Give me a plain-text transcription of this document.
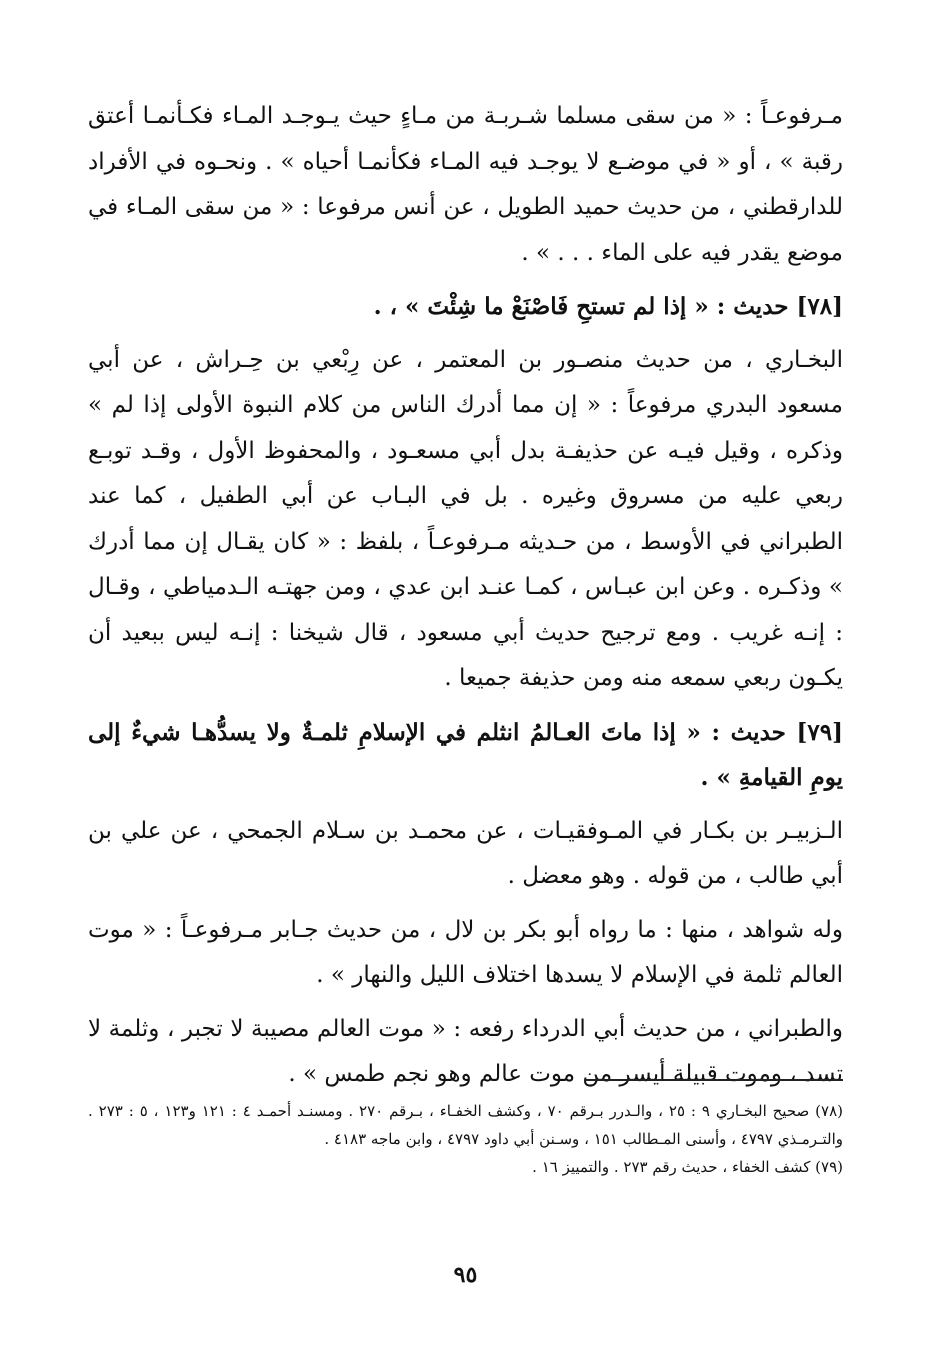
مـرفوعـاً : « من سقى مسلما شـربـة من مـاءٍ حيث يـوجـد المـاء فكـأنمـا أعتق رقبة » ، أو « في موضـع لا يوجـد فيه المـاء فكأنمـا أحياه » . ونحـوه في الأفراد للدارقطني ، من حديث حميد الطويل ، عن أنس مرفوعا : « من سقى المـاء في موضع يقدر فيه على الماء . . . » .

[٧٨] حديث : « إذا لم تستحِ فَاصْنَعْ ما شِئْتَ » ، .

البخـاري ، من حديث منصـور بن المعتمر ، عن رِبْعي بن حِـراش ، عن أبي مسعود البدري مرفوعاً : « إن مما أدرك الناس من كلام النبوة الأولى إذا لم » وذكره ، وقيل فيـه عن حذيفـة بدل أبي مسعـود ، والمحفوظ الأول ، وقـد توبـع ربعي عليه من مسروق وغيره . بل في البـاب عن أبي الطفيل ، كما عند الطبراني في الأوسط ، من حـديثه مـرفوعـاً ، بلفظ : « كان يقـال إن مما أدرك » وذكـره . وعن ابن عبـاس ، كمـا عنـد ابن عدي ، ومن جهتـه الـدمياطي ، وقـال : إنـه غريب . ومع ترجيح حديث أبي مسعود ، قال شيخنا : إنـه ليس ببعيد أن يكـون ربعي سمعه منه ومن حذيفة جميعا .

[٧٩] حديث : « إذا ماتَ العـالمُ انثلم في الإسلامِ ثلمـةٌ ولا يسدُّهـا شيءٌ إلى يومِ القيامةِ » .

الـزبيـر بن بكـار في المـوفقيـات ، عن محمـد بن سـلام الجمحي ، عن علي بن أبي طالب ، من قوله . وهو معضل .

وله شواهد ، منها : ما رواه أبو بكر بن لال ، من حديث جـابر مـرفوعـاً : « موت العالم ثلمة في الإسلام لا يسدها اختلاف الليل والنهار » .

والطبراني ، من حديث أبي الدرداء رفعه : « موت العالم مصيبة لا تجبر ، وثلمة لا تسد ، وموت قبيلة أيسر من موت عالم وهو نجم طمس » .

(٧٨) صحيح البخـاري ٩ : ٢٥ ، والـدرر بـرقم ٧٠ ، وكشف الخفـاء ، بـرقم ٢٧٠ . ومسنـد أحمـد ٤ : ١٢١ و١٢٣ ، ٥ : ٢٧٣ . والتـرمـذي ٤٧٩٧ ، وأسنى المـطالب ١٥١ ، وسـنن أبي داود ٤٧٩٧ ، وابن ماجه ٤١٨٣ .

(٧٩) كشف الخفاء ، حديث رقم ٢٧٣ . والتمييز ١٦ .

٩٥
